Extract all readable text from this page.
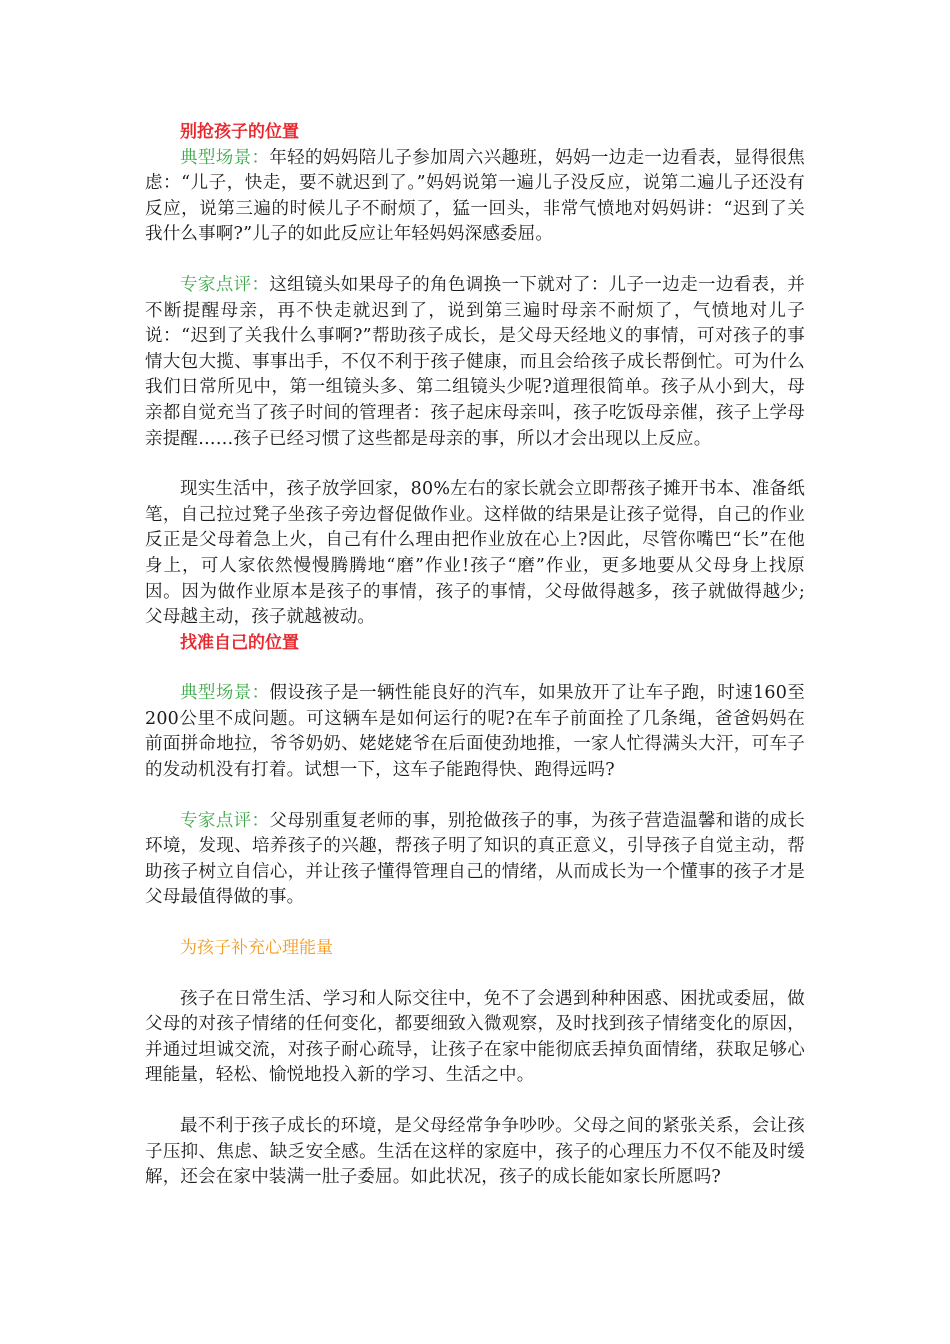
别抢孩子的位置

典型场景：年轻的妈妈陪儿子参加周六兴趣班，妈妈一边走一边看表，显得很焦虑：“儿子，快走，要不就迟到了。”妈妈说第一遍儿子没反应，说第二遍儿子还没有反应，说第三遍的时候儿子不耐烦了，猛一回头，非常气愤地对妈妈讲：“迟到了关我什么事啊?”儿子的如此反应让年轻妈妈深感委屈。

专家点评：这组镜头如果母子的角色调换一下就对了：儿子一边走一边看表，并不断提醒母亲，再不快走就迟到了，说到第三遍时母亲不耐烦了，气愤地对儿子说：“迟到了关我什么事啊?”帮助孩子成长，是父母天经地义的事情，可对孩子的事情大包大揽、事事出手，不仅不利于孩子健康，而且会给孩子成长帮倒忙。可为什么我们日常所见中，第一组镜头多、第二组镜头少呢?道理很简单。孩子从小到大，母亲都自觉充当了孩子时间的管理者：孩子起床母亲叫，孩子吃饭母亲催，孩子上学母亲提醒……孩子已经习惯了这些都是母亲的事，所以才会出现以上反应。

现实生活中，孩子放学回家，80%左右的家长就会立即帮孩子摊开书本、准备纸笔，自己拉过凳子坐孩子旁边督促做作业。这样做的结果是让孩子觉得，自己的作业反正是父母着急上火，自己有什么理由把作业放在心上?因此，尽管你嘴巴“长”在他身上，可人家依然慢慢腾腾地“磨”作业!孩子“磨”作业，更多地要从父母身上找原因。因为做作业原本是孩子的事情，孩子的事情，父母做得越多，孩子就做得越少;父母越主动，孩子就越被动。

找准自己的位置

典型场景：假设孩子是一辆性能良好的汽车，如果放开了让车子跑，时速160至200公里不成问题。可这辆车是如何运行的呢?在车子前面拴了几条绳，爸爸妈妈在前面拼命地拉，爷爷奶奶、姥姥姥爷在后面使劲地推，一家人忙得满头大汗，可车子的发动机没有打着。试想一下，这车子能跑得快、跑得远吗?

专家点评：父母别重复老师的事，别抢做孩子的事，为孩子营造温馨和谐的成长环境，发现、培养孩子的兴趣，帮孩子明了知识的真正意义，引导孩子自觉主动，帮助孩子树立自信心，并让孩子懂得管理自己的情绪，从而成长为一个懂事的孩子才是父母最值得做的事。

为孩子补充心理能量

孩子在日常生活、学习和人际交往中，免不了会遇到种种困惑、困扰或委屈，做父母的对孩子情绪的任何变化，都要细致入微观察，及时找到孩子情绪变化的原因，并通过坦诚交流，对孩子耐心疏导，让孩子在家中能彻底丢掉负面情绪，获取足够心理能量，轻松、愉悦地投入新的学习、生活之中。

最不利于孩子成长的环境，是父母经常争争吵吵。父母之间的紧张关系，会让孩子压抑、焦虑、缺乏安全感。生活在这样的家庭中，孩子的心理压力不仅不能及时缓解，还会在家中装满一肚子委屈。如此状况，孩子的成长能如家长所愿吗?
